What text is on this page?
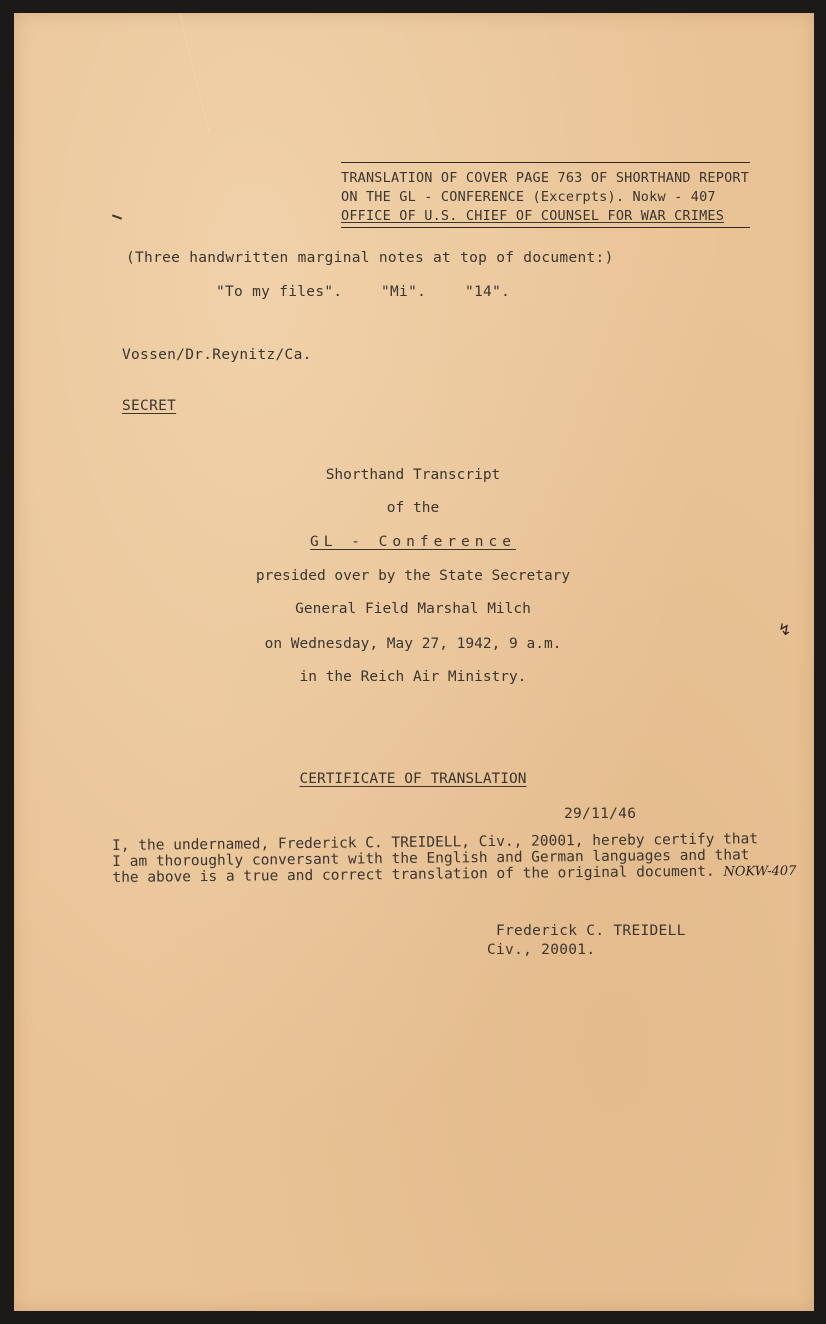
TRANSLATION OF COVER PAGE 763 OF SHORTHAND REPORT
ON THE GL - CONFERENCE (Excerpts). Nokw - 407
OFFICE OF U.S. CHIEF OF COUNSEL FOR WAR CRIMES
(Three handwritten marginal notes at top of document:)
"To my files".	"Mi".	"14".
Vossen/Dr.Reynitz/Ca.
SECRET
Shorthand Transcript
of the
GL - Conference
presided over by the State Secretary
General Field Marshal Milch
on Wednesday, May 27, 1942, 9 a.m.
in the Reich Air Ministry.
↯
CERTIFICATE OF TRANSLATION
29/11/46
I, the undernamed, Frederick C. TREIDELL, Civ., 20001, hereby certify that
I am thoroughly conversant with the English and German languages and that
the above is a true and correct translation of the original document. NOKW-407
Frederick C. TREIDELL
Civ., 20001.
